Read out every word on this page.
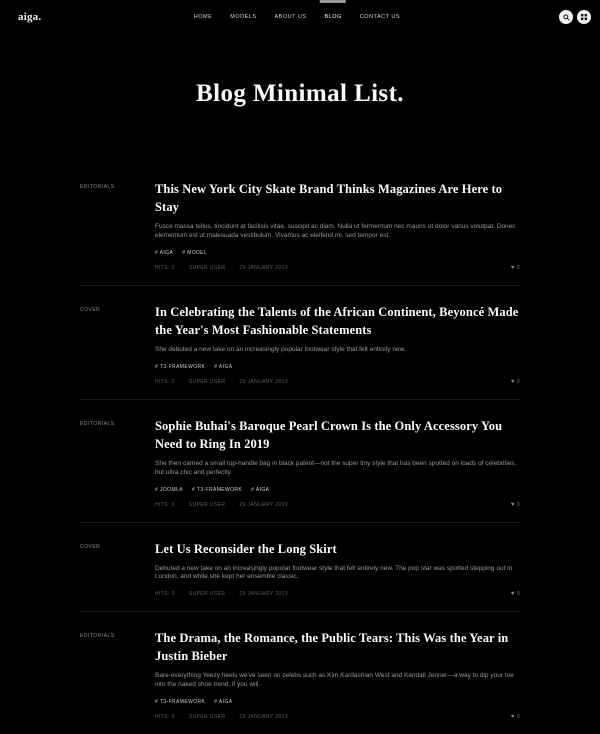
aiga.	HOME	MODELS	ABOUT US	BLOG	CONTACT US
Blog Minimal List.
EDITORIALS	This New York City Skate Brand Thinks Magazines Are Here to Stay

Fusce massa tellus, tincidunt at facilisis vitae, suscipit ac diam. Nulla ut fermentum nec mauris ut dolor varius volutpat. Donec elementum est ut malesuada vestibulum. Vivamus ac eleifend mi, sed tempor est.

# AIGA # MODEL
HITS: 0 · SUPER USER · 29 JANUARY 2019	♥ 0
COVER	In Celebrating the Talents of the African Continent, Beyoncé Made the Year's Most Fashionable Statements

She debuted a new take on an increasingly popular footwear style that felt entirely new.

# T3-FRAMEWORK # AIGA
HITS: 0 · SUPER USER · 29 JANUARY 2019	♥ 0
EDITORIALS	Sophie Buhai's Baroque Pearl Crown Is the Only Accessory You Need to Ring In 2019

She then carried a small top-handle bag in black patent—not the super tiny style that has been spotted on loads of celebrities, but ultra chic and perfectly.

# JOOMLA # T3-FRAMEWORK # AIGA
HITS: 0 · SUPER USER · 29 JANUARY 2019	♥ 0
COVER	Let Us Reconsider the Long Skirt

Debuted a new take on an increasingly popular footwear style that felt entirely new. The pop star was spotted stepping out in London, and while she kept her ensemble classic.

HITS: 0 · SUPER USER · 29 JANUARY 2019	♥ 0
EDITORIALS	The Drama, the Romance, the Public Tears: This Was the Year in Justin Bieber

Bare-everything Yeezy heels we've seen on celebs such as Kim Kardashian West and Kendall Jenner—a way to dip your toe into the naked shoe trend, if you will.

# T3-FRAMEWORK # AIGA
HITS: 0 · SUPER USER · 29 JANUARY 2019	♥ 0
